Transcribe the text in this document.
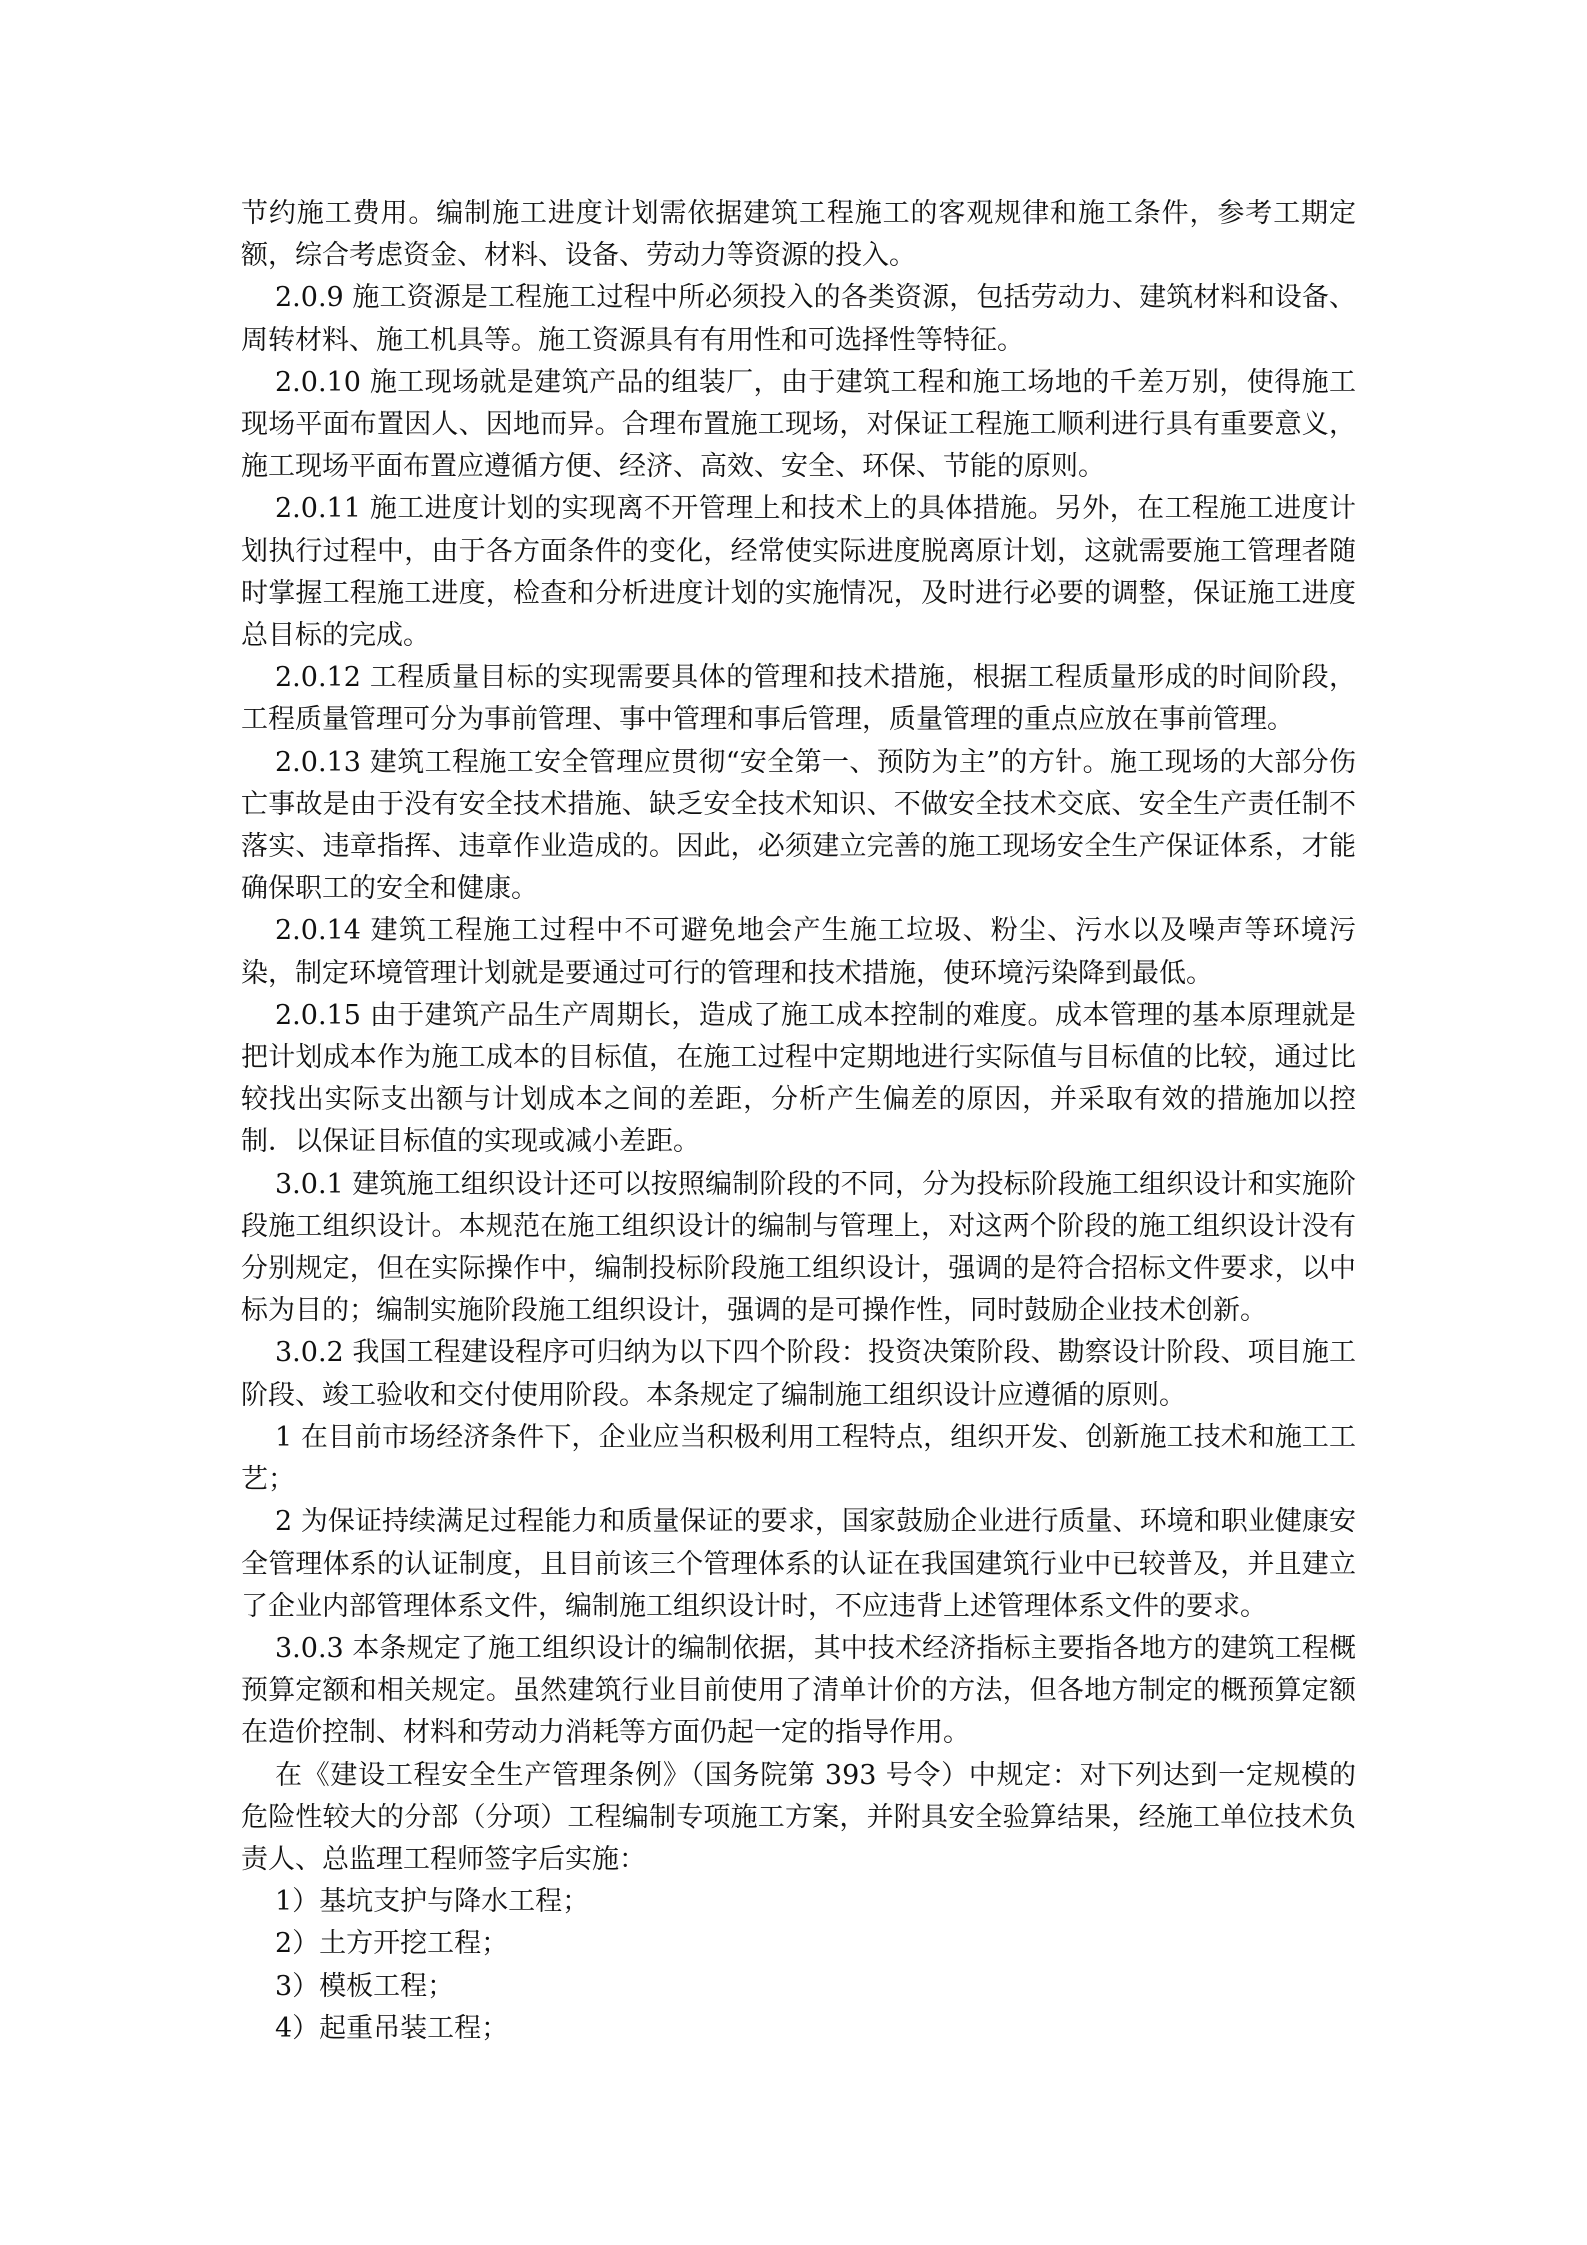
节约施工费用。编制施工进度计划需依据建筑工程施工的客观规律和施工条件，参考工期定额，综合考虑资金、材料、设备、劳动力等资源的投入。

2.0.9 施工资源是工程施工过程中所必须投入的各类资源，包括劳动力、建筑材料和设备、周转材料、施工机具等。施工资源具有有用性和可选择性等特征。

2.0.10 施工现场就是建筑产品的组装厂，由于建筑工程和施工场地的千差万别，使得施工现场平面布置因人、因地而异。合理布置施工现场，对保证工程施工顺利进行具有重要意义，施工现场平面布置应遵循方便、经济、高效、安全、环保、节能的原则。

2.0.11 施工进度计划的实现离不开管理上和技术上的具体措施。另外，在工程施工进度计划执行过程中，由于各方面条件的变化，经常使实际进度脱离原计划，这就需要施工管理者随时掌握工程施工进度，检查和分析进度计划的实施情况，及时进行必要的调整，保证施工进度总目标的完成。

2.0.12 工程质量目标的实现需要具体的管理和技术措施，根据工程质量形成的时间阶段，工程质量管理可分为事前管理、事中管理和事后管理，质量管理的重点应放在事前管理。

2.0.13 建筑工程施工安全管理应贯彻“安全第一、预防为主”的方针。施工现场的大部分伤亡事故是由于没有安全技术措施、缺乏安全技术知识、不做安全技术交底、安全生产责任制不落实、违章指挥、违章作业造成的。因此，必须建立完善的施工现场安全生产保证体系，才能确保职工的安全和健康。

2.0.14 建筑工程施工过程中不可避免地会产生施工垃圾、粉尘、污水以及噪声等环境污染，制定环境管理计划就是要通过可行的管理和技术措施，使环境污染降到最低。

2.0.15 由于建筑产品生产周期长，造成了施工成本控制的难度。成本管理的基本原理就是把计划成本作为施工成本的目标值，在施工过程中定期地进行实际值与目标值的比较，通过比较找出实际支出额与计划成本之间的差距，分析产生偏差的原因，并采取有效的措施加以控制．以保证目标值的实现或减小差距。

3.0.1 建筑施工组织设计还可以按照编制阶段的不同，分为投标阶段施工组织设计和实施阶段施工组织设计。本规范在施工组织设计的编制与管理上，对这两个阶段的施工组织设计没有分别规定，但在实际操作中，编制投标阶段施工组织设计，强调的是符合招标文件要求，以中标为目的；编制实施阶段施工组织设计，强调的是可操作性，同时鼓励企业技术创新。

3.0.2 我国工程建设程序可归纳为以下四个阶段：投资决策阶段、勘察设计阶段、项目施工阶段、竣工验收和交付使用阶段。本条规定了编制施工组织设计应遵循的原则。

1 在目前市场经济条件下，企业应当积极利用工程特点，组织开发、创新施工技术和施工工艺；

2 为保证持续满足过程能力和质量保证的要求，国家鼓励企业进行质量、环境和职业健康安全管理体系的认证制度，且目前该三个管理体系的认证在我国建筑行业中已较普及，并且建立了企业内部管理体系文件，编制施工组织设计时，不应违背上述管理体系文件的要求。

3.0.3 本条规定了施工组织设计的编制依据，其中技术经济指标主要指各地方的建筑工程概预算定额和相关规定。虽然建筑行业目前使用了清单计价的方法，但各地方制定的概预算定额在造价控制、材料和劳动力消耗等方面仍起一定的指导作用。

在《建设工程安全生产管理条例》（国务院第 393 号令）中规定：对下列达到一定规模的危险性较大的分部（分项）工程编制专项施工方案，并附具安全验算结果，经施工单位技术负责人、总监理工程师签字后实施：

1）基坑支护与降水工程；

2）土方开挖工程；

3）模板工程；

4）起重吊装工程；
